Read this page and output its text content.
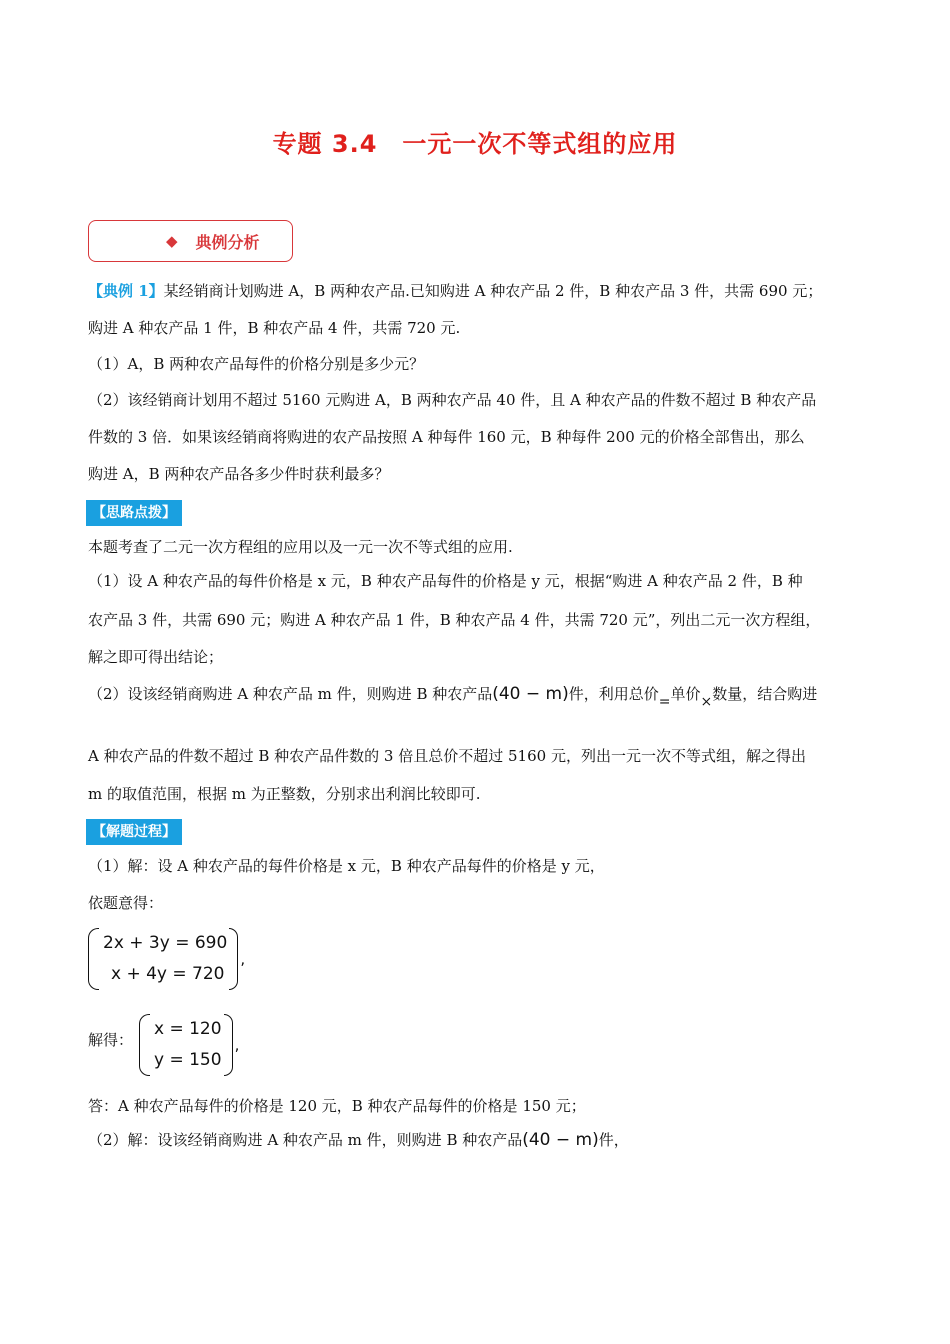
专题 3.4　一元一次不等式组的应用
◆ 典例分析
【典例 1】某经销商计划购进 A，B 两种农产品.已知购进 A 种农产品 2 件，B 种农产品 3 件，共需 690 元；
购进 A 种农产品 1 件，B 种农产品 4 件，共需 720 元.
（1）A，B 两种农产品每件的价格分别是多少元？
（2）该经销商计划用不超过 5160 元购进 A，B 两种农产品 40 件，且 A 种农产品的件数不超过 B 种农产品
件数的 3 倍．如果该经销商将购进的农产品按照 A 种每件 160 元，B 种每件 200 元的价格全部售出，那么
购进 A，B 两种农产品各多少件时获利最多？
【思路点拨】
本题考查了二元一次方程组的应用以及一元一次不等式组的应用.
（1）设 A 种农产品的每件价格是 x 元，B 种农产品每件的价格是 y 元，根据“购进 A 种农产品 2 件，B 种
农产品 3 件，共需 690 元；购进 A 种农产品 1 件，B 种农产品 4 件，共需 720 元”，列出二元一次方程组，
解之即可得出结论；
（2）设该经销商购进 A 种农产品 m 件，则购进 B 种农产品(40 − m)件，利用总价=单价×数量，结合购进
A 种农产品的件数不超过 B 种农产品件数的 3 倍且总价不超过 5160 元，列出一元一次不等式组，解之得出
m 的取值范围，根据 m 为正整数，分别求出利润比较即可.
【解题过程】
（1）解：设 A 种农产品的每件价格是 x 元，B 种农产品每件的价格是 y 元，
依题意得：
2x + 3y = 690
x + 4y = 720
,
解得：
x = 120
y = 150
,
答：A 种农产品每件的价格是 120 元，B 种农产品每件的价格是 150 元；
（2）解：设该经销商购进 A 种农产品 m 件，则购进 B 种农产品(40 − m)件，
